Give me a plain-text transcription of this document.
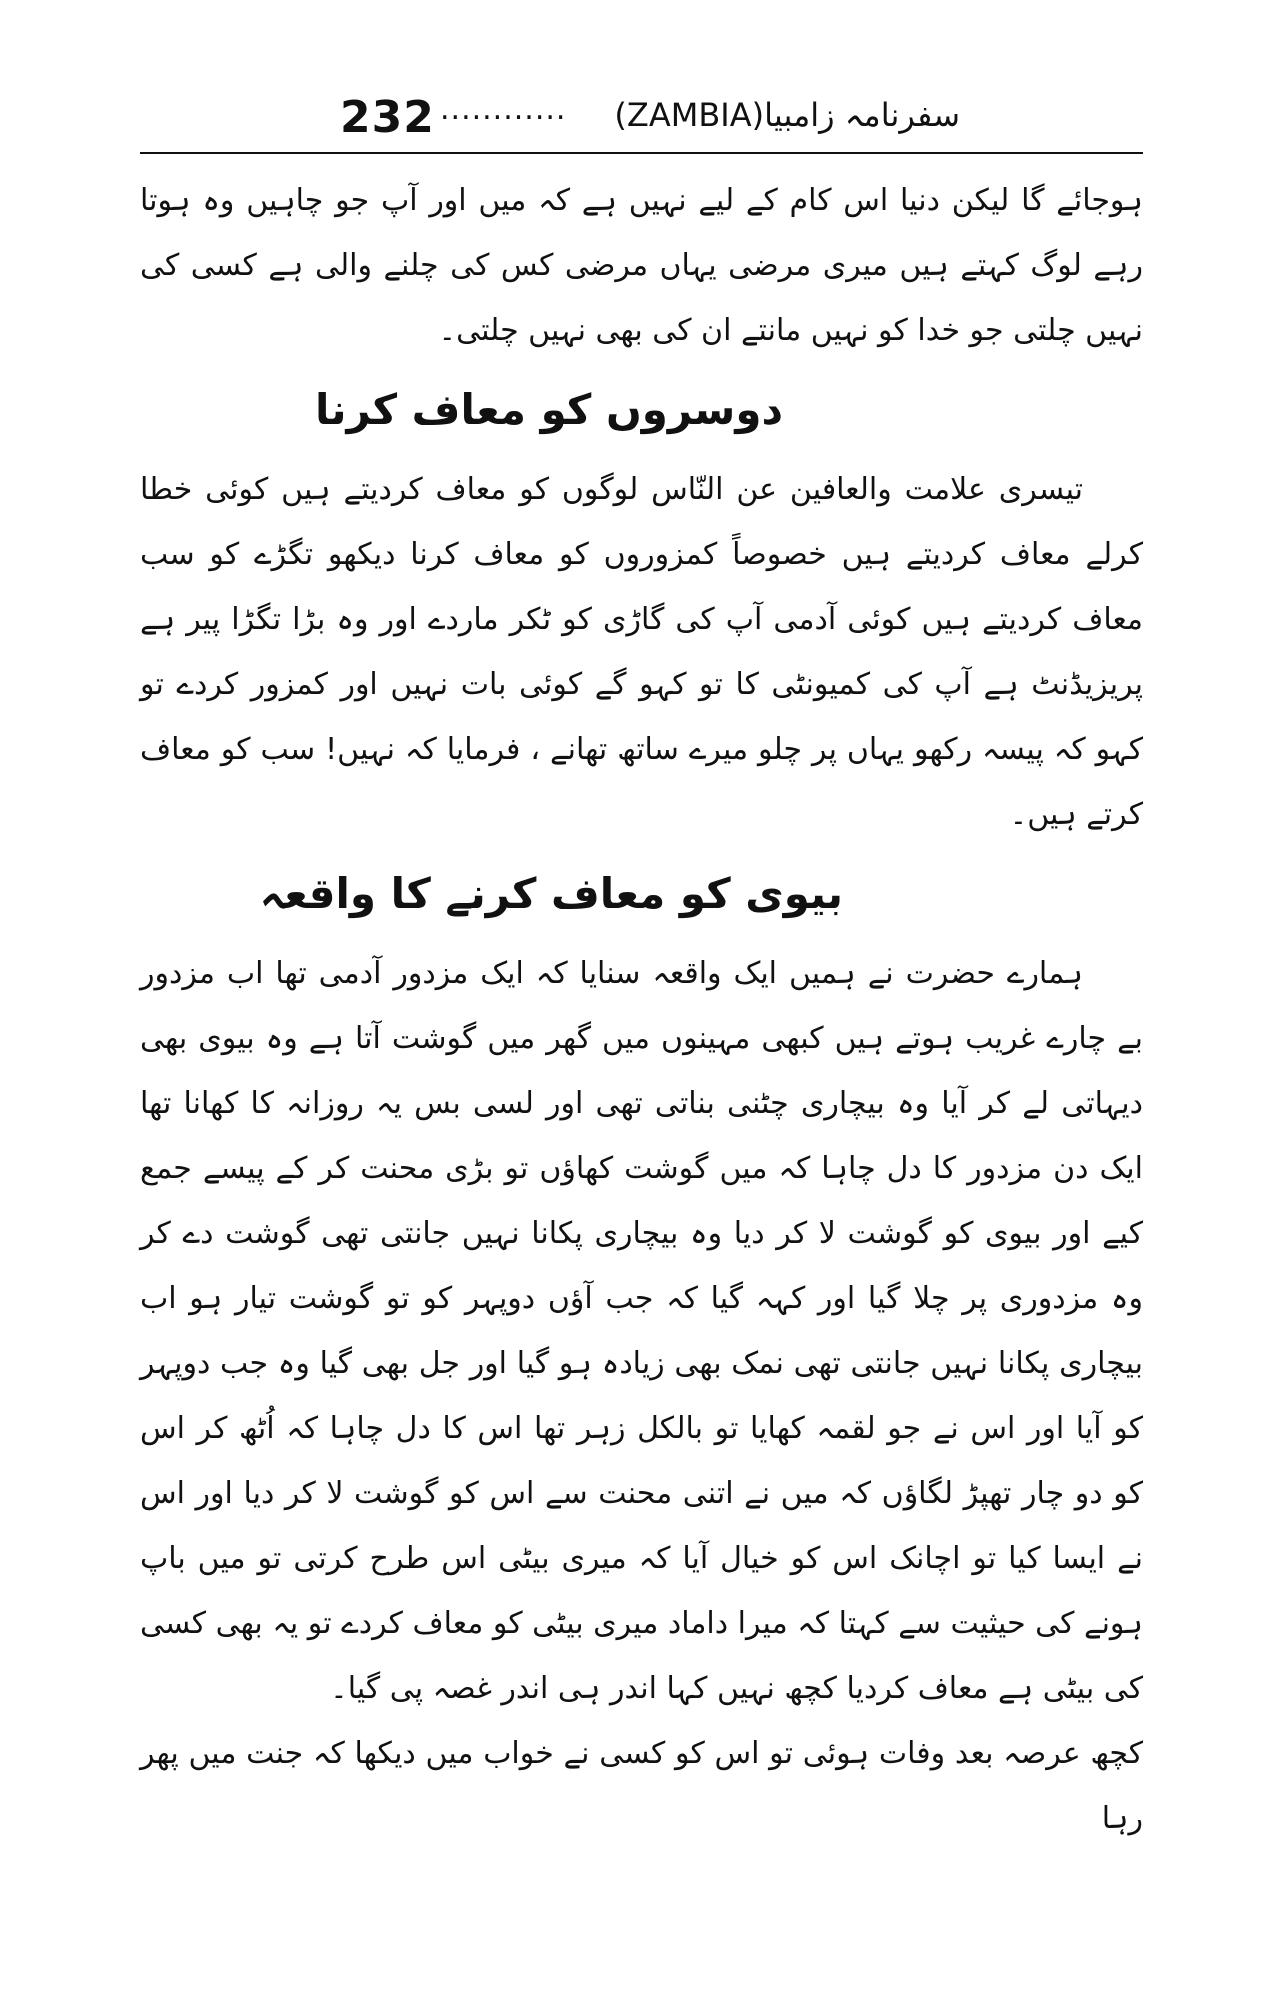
232 ............ سفرنامہ زامبیا(ZAMBIA)

ہوجائے گا لیکن دنیا اس کام کے لیے نہیں ہے کہ میں اور آپ جو چاہیں وہ ہوتا رہے لوگ کہتے ہیں میری مرضی یہاں مرضی کس کی چلنے والی ہے کسی کی نہیں چلتی جو خدا کو نہیں مانتے ان کی بھی نہیں چلتی۔

دوسروں کو معاف کرنا

تیسری علامت والعافین عن النّاس لوگوں کو معاف کردیتے ہیں کوئی خطا کرلے معاف کردیتے ہیں خصوصاً کمزوروں کو معاف کرنا دیکھو تگڑے کو سب معاف کردیتے ہیں کوئی آدمی آپ کی گاڑی کو ٹکر ماردے اور وہ بڑا تگڑا پیر ہے پریزیڈنٹ ہے آپ کی کمیونٹی کا تو کہو گے کوئی بات نہیں اور کمزور کردے تو کہو کہ پیسہ رکھو یہاں پر چلو میرے ساتھ تھانے ، فرمایا کہ نہیں! سب کو معاف کرتے ہیں۔

بیوی کو معاف کرنے کا واقعہ

ہمارے حضرت نے ہمیں ایک واقعہ سنایا کہ ایک مزدور آدمی تھا اب مزدور بے چارے غریب ہوتے ہیں کبھی مہینوں میں گھر میں گوشت آتا ہے وہ بیوی بھی دیہاتی لے کر آیا وہ بیچاری چٹنی بناتی تھی اور لسی بس یہ روزانہ کا کھانا تھا ایک دن مزدور کا دل چاہا کہ میں گوشت کھاؤں تو بڑی محنت کر کے پیسے جمع کیے اور بیوی کو گوشت لا کر دیا وہ بیچاری پکانا نہیں جانتی تھی گوشت دے کر وہ مزدوری پر چلا گیا اور کہہ گیا کہ جب آؤں دوپہر کو تو گوشت تیار ہو اب بیچاری پکانا نہیں جانتی تھی نمک بھی زیادہ ہو گیا اور جل بھی گیا وہ جب دوپہر کو آیا اور اس نے جو لقمہ کھایا تو بالکل زہر تھا اس کا دل چاہا کہ اُٹھ کر اس کو دو چار تھپڑ لگاؤں کہ میں نے اتنی محنت سے اس کو گوشت لا کر دیا اور اس نے ایسا کیا تو اچانک اس کو خیال آیا کہ میری بیٹی اس طرح کرتی تو میں باپ ہونے کی حیثیت سے کہتا کہ میرا داماد میری بیٹی کو معاف کردے تو یہ بھی کسی کی بیٹی ہے معاف کردیا کچھ نہیں کہا اندر ہی اندر غصہ پی گیا۔

کچھ عرصہ بعد وفات ہوئی تو اس کو کسی نے خواب میں دیکھا کہ جنت میں پھر رہا
